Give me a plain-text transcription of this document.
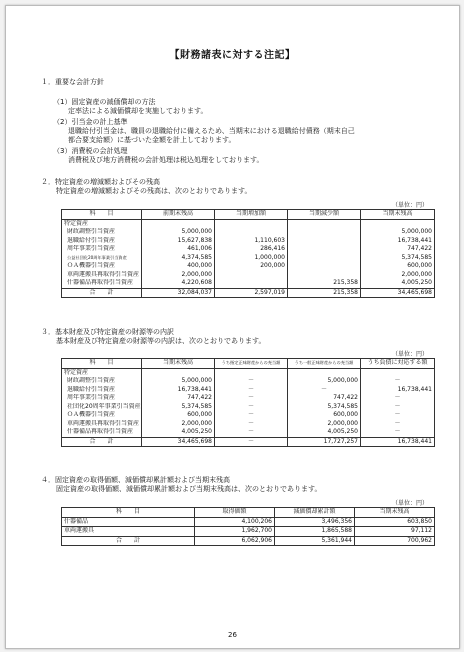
【財務諸表に対する注記】
１．重要な会計方針
（1）固定資産の減価償却の方法
定率法による減価償却を実施しております。
（2）引当金の計上基準
退職給付引当金は、職員の退職給付に備えるため、当期末における退職給付債務（期末自己
都合要支給額）に基づいた金額を計上しております。
（3）消費税の会計処理
消費税及び地方消費税の会計処理は税込処理をしております。
２．特定資産の増減額およびその残高
特定資産の増減額およびその残高は、次のとおりであります。
（単位：円）
科　　目	前期末残高	当期増加額	当期減少額	当期末残高
特定資産				
財政調整引当資産	5,000,000			5,000,000
退職給付引当資産	15,627,838	1,110,603		16,738,441
周年事業引当資産	461,006	286,416		747,422
公益社団化20周年事業引当資産	4,374,585	1,000,000		5,374,585
ＯＡ機器引当資産	400,000	200,000		600,000
車両運搬具再取得引当資産	2,000,000			2,000,000
什器備品再取得引当資産	4,220,608		215,358	4,005,250
合　　計	32,084,037	2,597,019	215,358	34,465,698
３．基本財産及び特定資産の財源等の内訳
基本財産及び特定資産の財源等の内訳は、次のとおりであります。
（単位：円）
科　　目	当期末残高	うち指定正味財産からの充当額	うち一般正味財産からの充当額	うち負債に対応する額
特定資産				
財政調整引当資産	5,000,000	－	5,000,000	－
退職給付引当資産	16,738,441	－	－	16,738,441
周年事業引当資産	747,422	－	747,422	－
社団化20周年事業引当資産	5,374,585	－	5,374,585	－
ＯＡ機器引当資産	600,000	－	600,000	－
車両運搬具再取得引当資産	2,000,000	－	2,000,000	－
什器備品再取得引当資産	4,005,250	－	4,005,250	－
合　　計	34,465,698	－	17,727,257	16,738,441
４．固定資産の取得価額、減価償却累計額および当期末残高
固定資産の取得価額、減価償却累計額および当期末残高は、次のとおりであります。
（単位：円）
科　　目	取得価額	減価償却累計額	当期末残高
什器備品	4,100,206	3,496,356	603,850
車両運搬具	1,962,700	1,865,588	97,112
合　　計	6,062,906	5,361,944	700,962
26
